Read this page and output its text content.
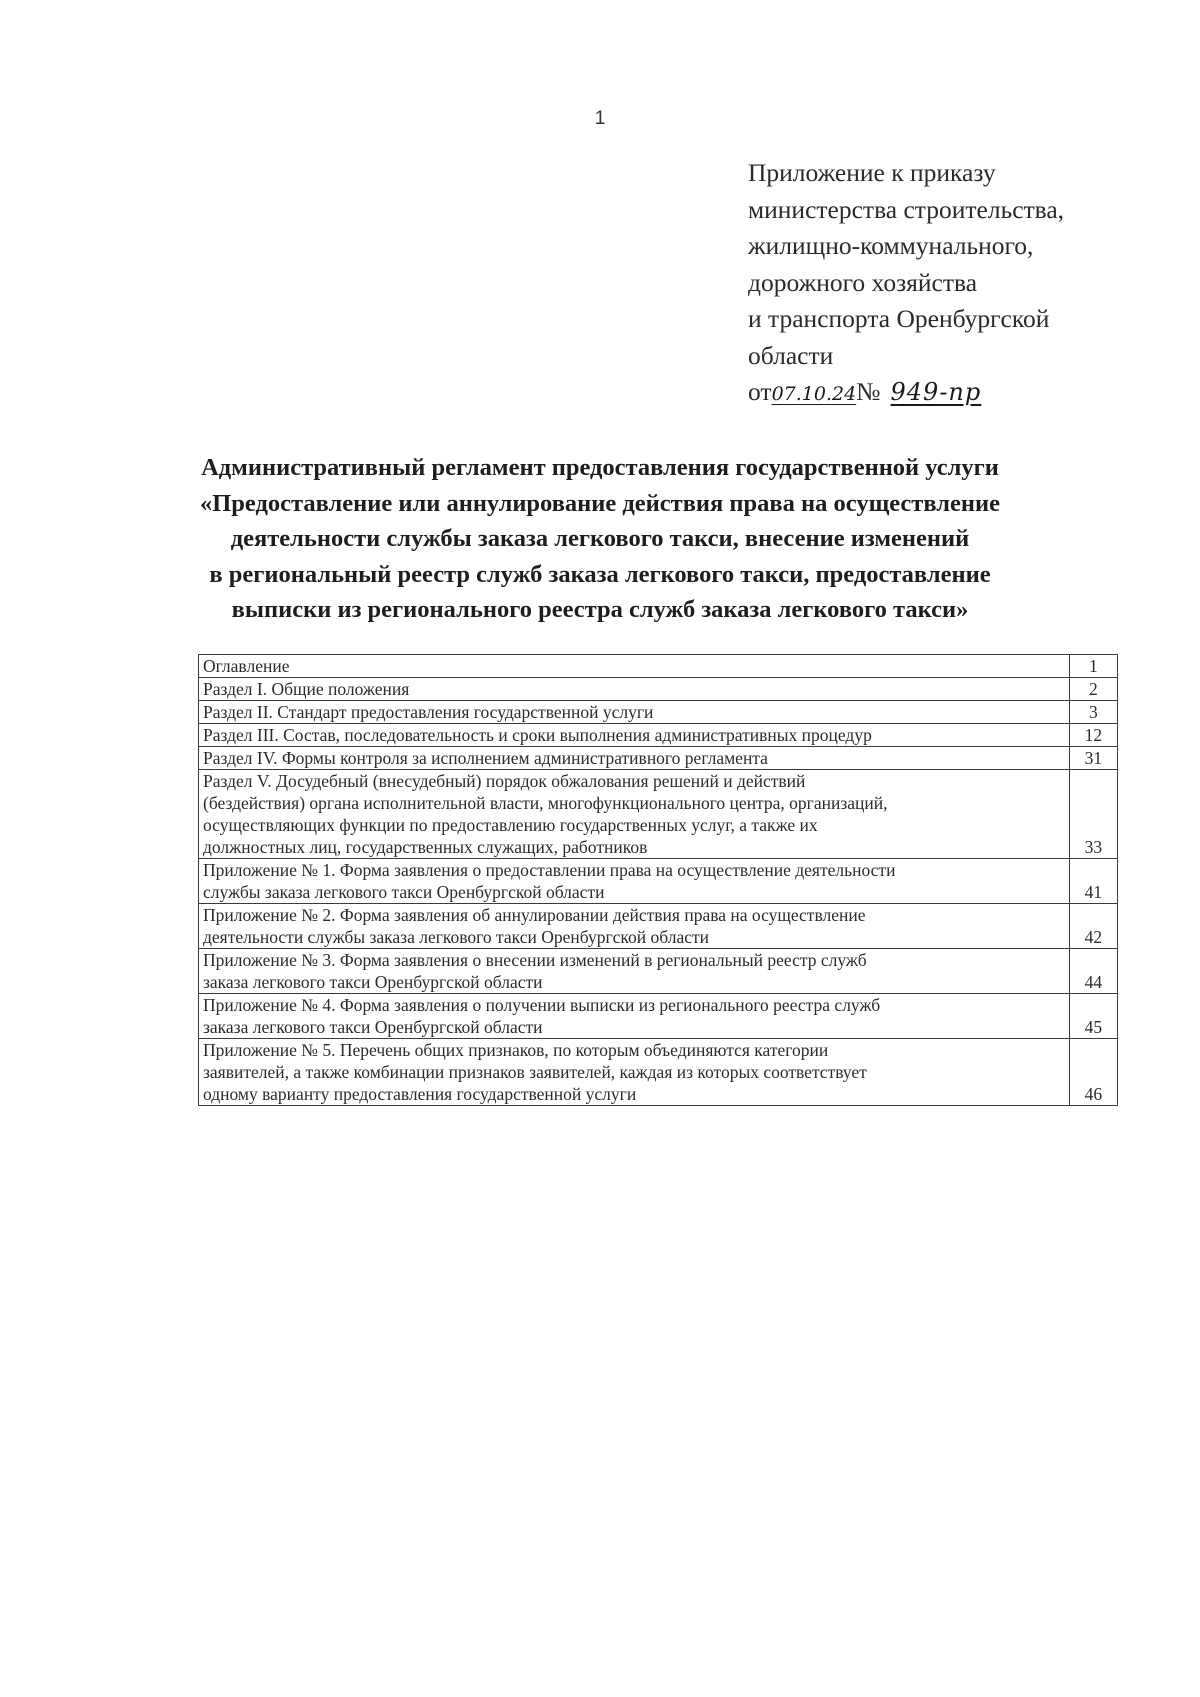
1
Приложение к приказу
министерства строительства,
жилищно-коммунального,
дорожного хозяйства
и транспорта Оренбургской
области
от07.10.24№ 949-пр
Административный регламент предоставления государственной услуги
«Предоставление или аннулирование действия права на осуществление
деятельности службы заказа легкового такси, внесение изменений
в региональный реестр служб заказа легкового такси, предоставление
выписки из регионального реестра служб заказа легкового такси»
Оглавление	1

Раздел I. Общие положения	2

Раздел II. Стандарт предоставления государственной услуги	3

Раздел III. Состав, последовательность и сроки выполнения административных процедур	12

Раздел IV. Формы контроля за исполнением административного регламента	31

Раздел V. Досудебный (внесудебный) порядок обжалования решений и действий
(бездействия) органа исполнительной власти, многофункционального центра, организаций,
осуществляющих функции по предоставлению государственных услуг, а также их
должностных лиц, государственных служащих, работников	33

Приложение № 1. Форма заявления о предоставлении права на осуществление деятельности
службы заказа легкового такси Оренбургской области	41

Приложение № 2. Форма заявления об аннулировании действия права на осуществление
деятельности службы заказа легкового такси Оренбургской области	42

Приложение № 3. Форма заявления о внесении изменений в региональный реестр служб
заказа легкового такси Оренбургской области	44

Приложение № 4. Форма заявления о получении выписки из регионального реестра служб
заказа легкового такси Оренбургской области	45

Приложение № 5. Перечень общих признаков, по которым объединяются категории
заявителей, а также комбинации признаков заявителей, каждая из которых соответствует
одному варианту предоставления государственной услуги	46
